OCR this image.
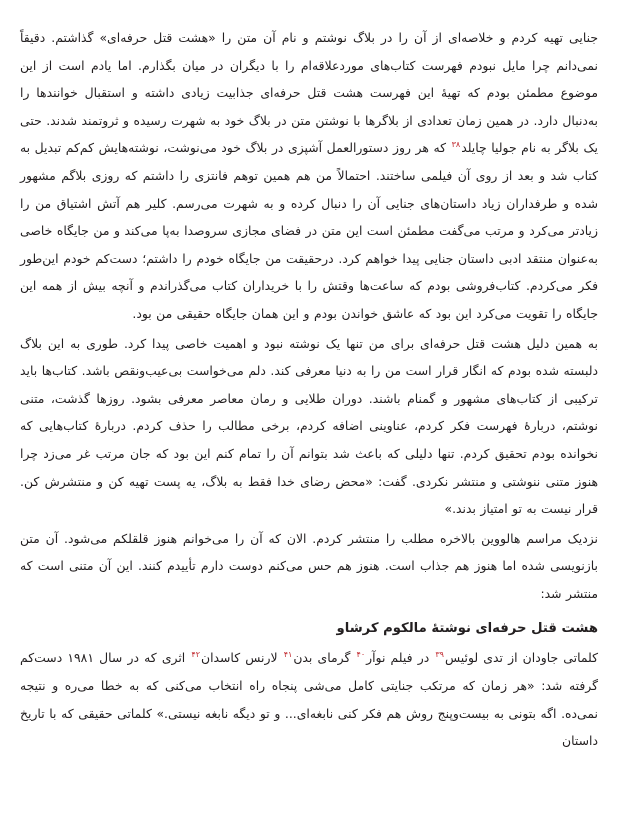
جنایی تهیه کردم و خلاصه‌ای از آن را در بلاگ نوشتم و نام آن متن را «هشت قتل حرفه‌ای» گذاشتم. دقیقاً نمی‌دانم چرا مایل نبودم فهرست کتاب‌های موردعلاقه‌ام را با دیگران در میان بگذارم. اما یادم است از این موضوع مطمئن بودم که تهیهٔ این فهرست هشت قتل حرفه‌ای جذابیت زیادی داشته و استقبال خوانندها را به‌دنبال دارد. در همین زمان تعدادی از بلاگرها با نوشتن متن در بلاگ خود به شهرت رسیده و ثروتمند شدند. حتی یک بلاگر به نام جولیا چایلد$^{۳۸}$ که هر روز دستورالعمل آشپزی در بلاگ خود می‌نوشت، نوشته‌هایش کم‌کم تبدیل به کتاب شد و بعد از روی آن فیلمی ساختند. احتمالاً من هم همین توهم فانتزی را داشتم که روزی بلاگم مشهور شده و طرفداران زیاد داستان‌های جنایی آن را دنبال کرده و به شهرت می‌رسم. کلیر هم آتش اشتیاق من را زیادتر می‌کرد و مرتب می‌گفت مطمئن است این متن در فضای مجازی سروصدا به‌پا می‌کند و من جایگاه خاصی به‌عنوان منتقد ادبی داستان جنایی پیدا خواهم کرد. درحقیقت من جایگاه خودم را داشتم؛ دست‌کم خودم این‌طور فکر می‌کردم. کتاب‌فروشی بودم که ساعت‌ها وقتش را با خریداران کتاب می‌گذراندم و آنچه بیش از همه این جایگاه را تقویت می‌کرد این بود که عاشق خواندن بودم و این همان جایگاه حقیقی من بود.

به همین دلیل هشت قتل حرفه‌ای برای من تنها یک نوشته نبود و اهمیت خاصی پیدا کرد. طوری به این بلاگ دلبسته شده بودم که انگار قرار است من را به دنیا معرفی کند. دلم می‌خواست بی‌عیب‌ونقص باشد. کتاب‌ها باید ترکیبی از کتاب‌های مشهور و گمنام باشند. دوران طلایی و رمان معاصر معرفی بشود. روزها گذشت، متنی نوشتم، دربارهٔ فهرست فکر کردم، عناوینی اضافه کردم، برخی مطالب را حذف کردم. دربارهٔ کتاب‌هایی که نخوانده بودم تحقیق کردم. تنها دلیلی که باعث شد بتوانم آن را تمام کنم این بود که جان مرتب غر می‌زد چرا هنوز متنی ننوشتی و منتشر نکردی. گفت: «محض رضای خدا فقط به بلاگ، یه پست تهیه کن و منتشرش کن. قرار نیست به تو امتیاز بدند.»

نزدیک مراسم هالووین بالاخره مطلب را منتشر کردم. الان که آن را می‌خوانم هنوز قلقلکم می‌شود. آن متن بازنویسی شده اما هنوز هم جذاب است. هنوز هم حس می‌کنم دوست دارم تأییدم کنند. این آن متنی است که منتشر شد:

هشت قتل حرفه‌ای نوشتهٔ مالکوم کرشاو

کلماتی جاودان از تدی لوئیس$^{۳۹}$ در فیلم نوآر$^{۴۰}$ گرمای بدن$^{۴۱}$ لارنس کاسدان$^{۴۲}$ اثری که در سال ۱۹۸۱ دست‌کم گرفته شد: «هر زمان که مرتکب جنایتی کامل می‌شی پنجاه راه انتخاب می‌کنی که به خطا می‌ره و نتیجه نمی‌ده. اگه بتونی به بیست‌وپنج روش هم فکر کنی نابغه‌ای... و تو دیگه نابغه نیستی.» کلماتی حقیقی که با تاریخ داستان
